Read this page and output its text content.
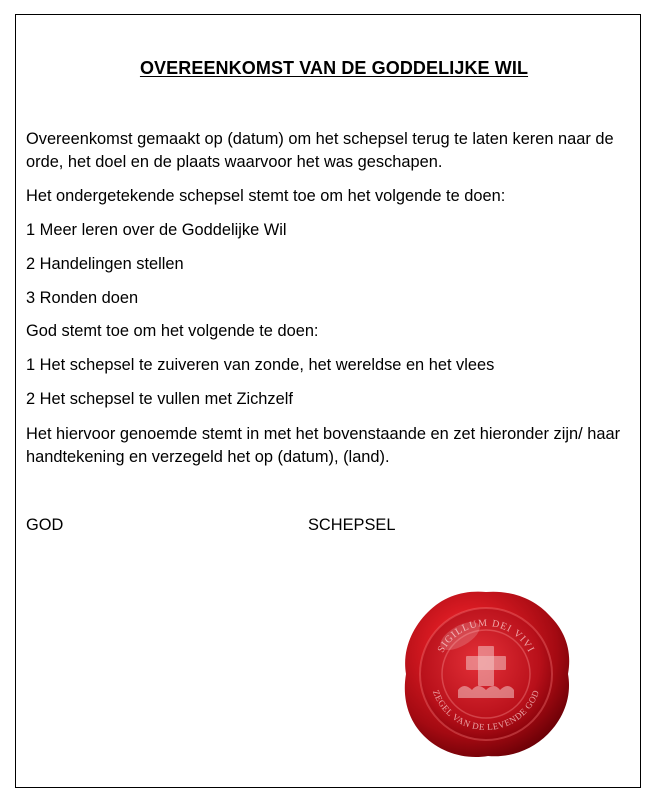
OVEREENKOMST VAN DE GODDELIJKE WIL

Overeenkomst gemaakt op (datum) om het schepsel terug te laten keren naar de orde, het doel en de plaats waarvoor het was geschapen.

Het ondergetekende schepsel stemt toe om het volgende te doen:

1 Meer leren over de Goddelijke Wil

2 Handelingen stellen

3 Ronden doen

God stemt toe om het volgende te doen:

1 Het schepsel te zuiveren van zonde, het wereldse en het vlees

2 Het schepsel te vullen met Zichzelf

Het hiervoor genoemde stemt in met het bovenstaande en zet hieronder zijn/ haar handtekening en verzegeld het op (datum), (land).

GOD	SCHEPSEL

SIGILLUM DEI VIVI
ZEGEL VAN DE LEVENDE GOD
